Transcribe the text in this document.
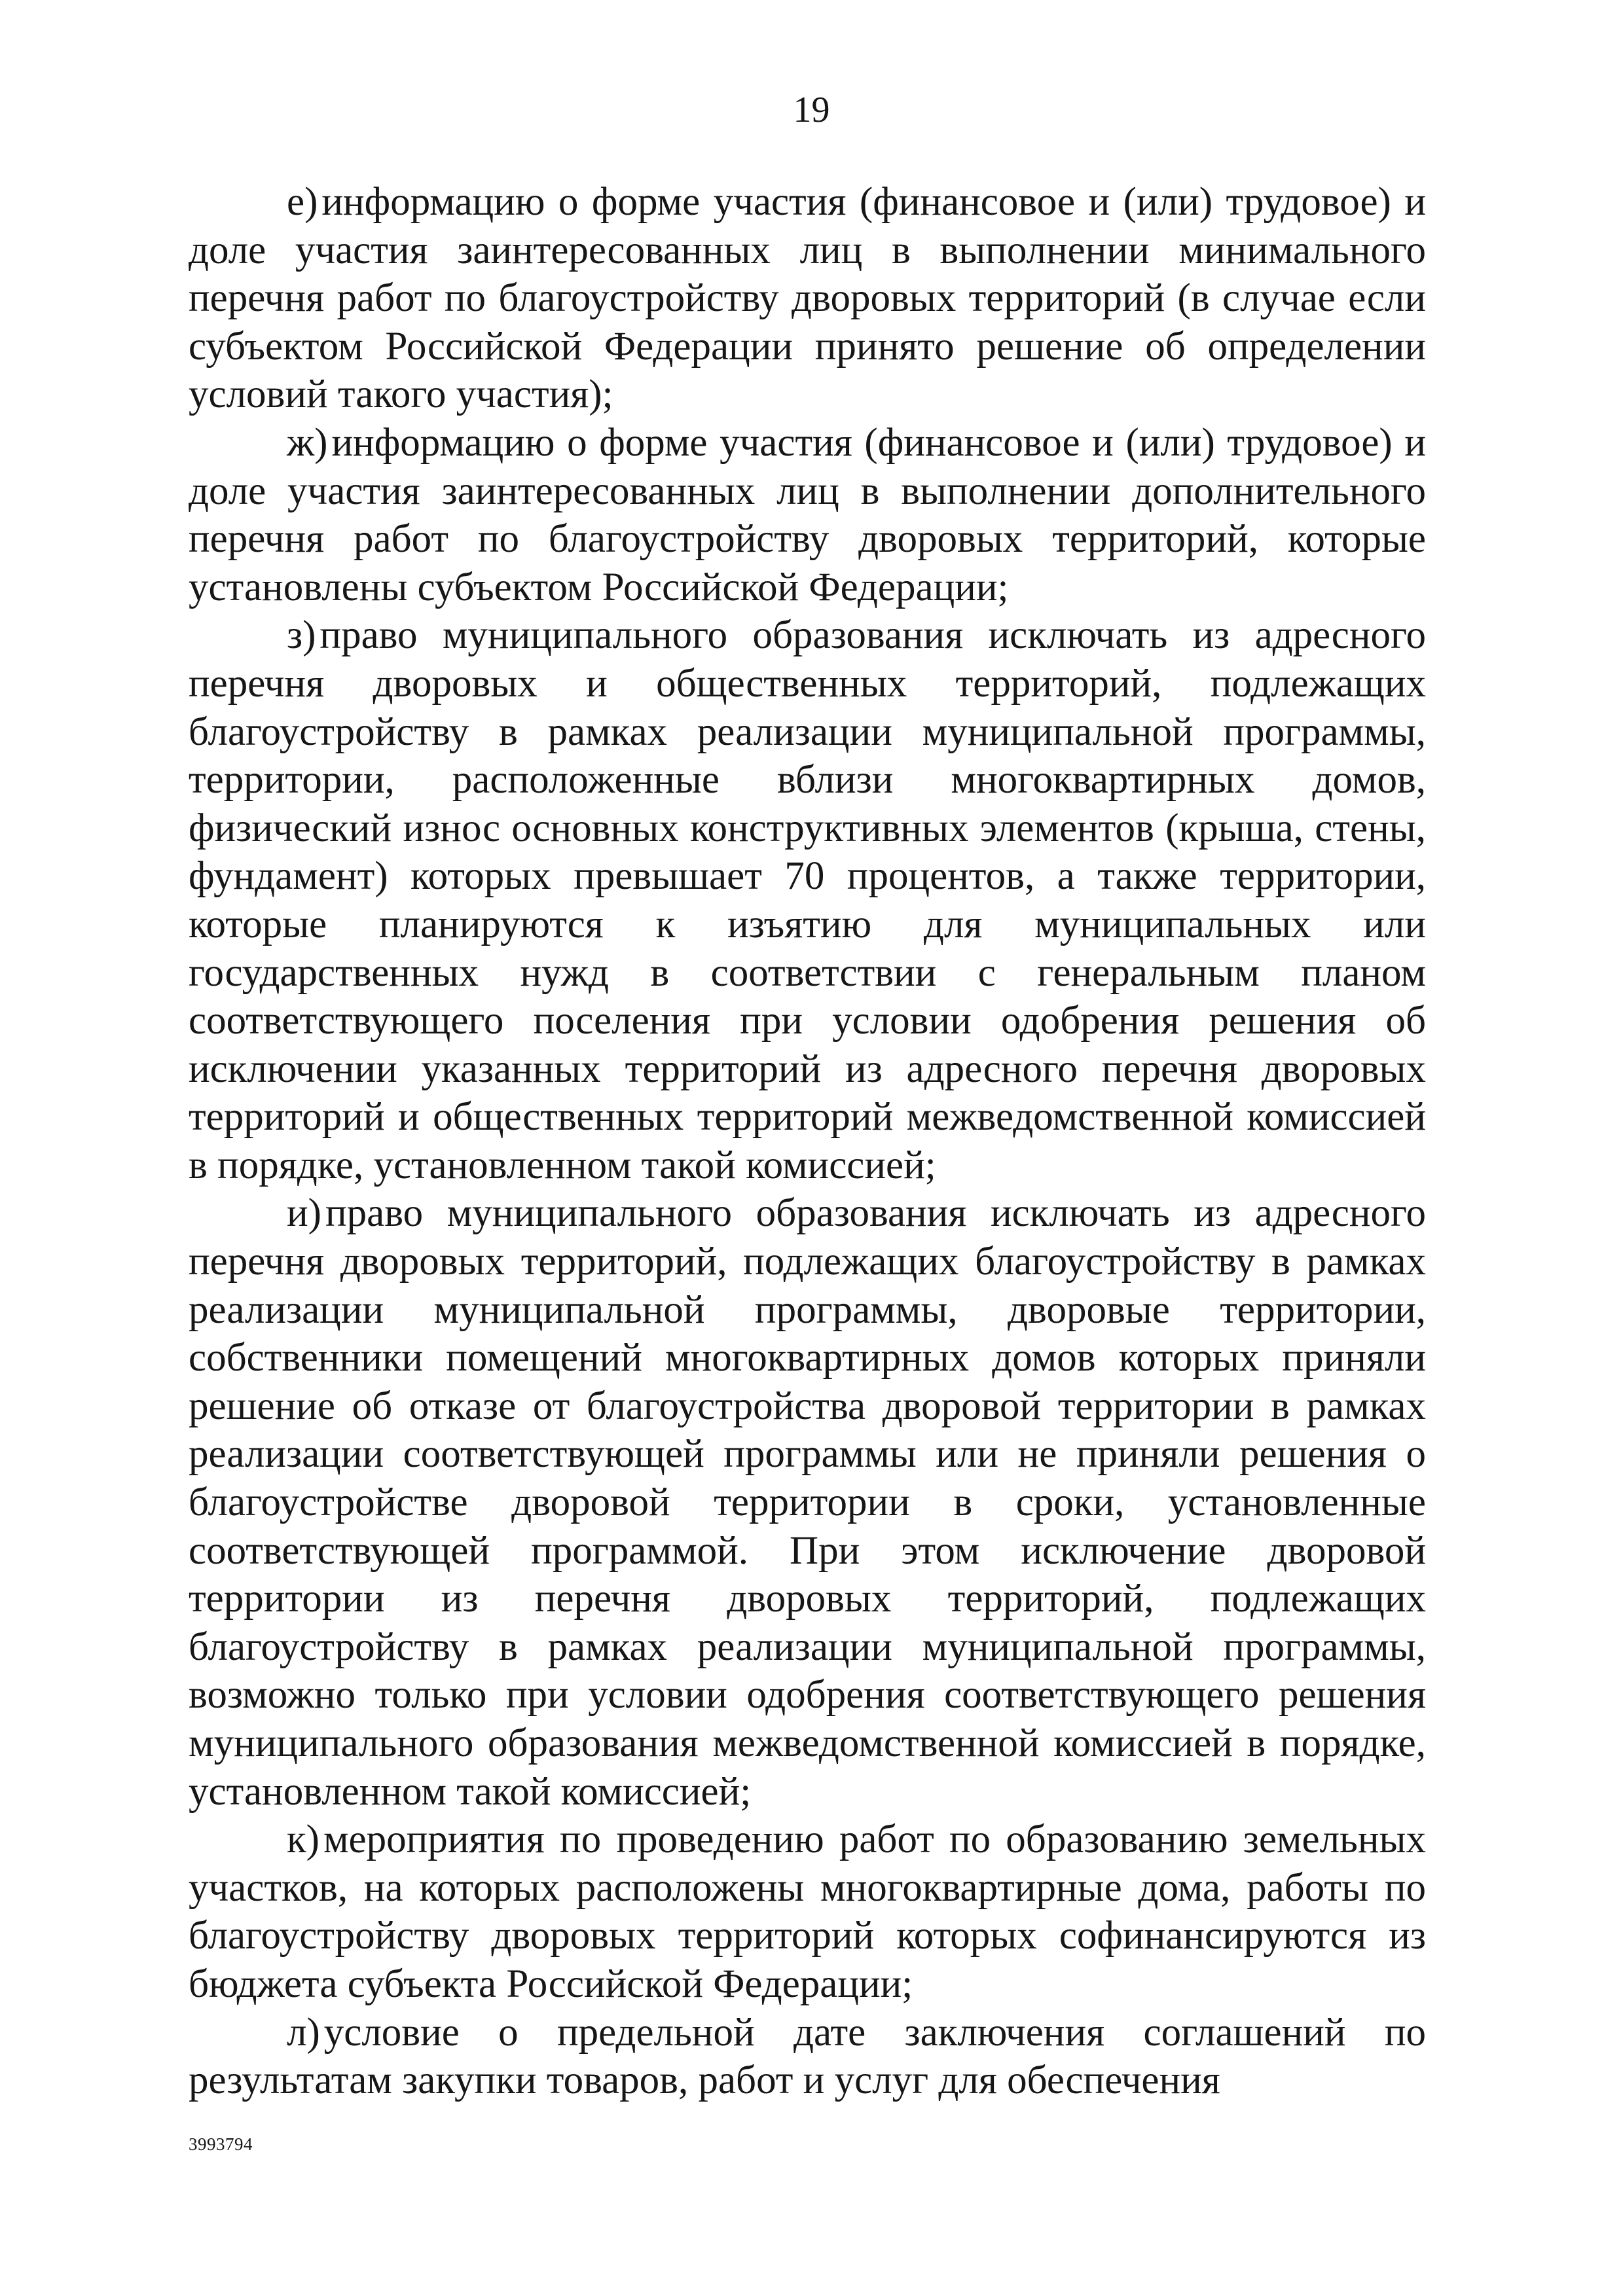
19

е)информацию о форме участия (финансовое и (или) трудовое) и доле участия заинтересованных лиц в выполнении минимального перечня работ по благоустройству дворовых территорий (в случае если субъектом Российской Федерации принято решение об определении условий такого участия);

ж)информацию о форме участия (финансовое и (или) трудовое) и доле участия заинтересованных лиц в выполнении дополнительного перечня работ по благоустройству дворовых территорий, которые установлены субъектом Российской Федерации;

з)право муниципального образования исключать из адресного перечня дворовых и общественных территорий, подлежащих благоустройству в рамках реализации муниципальной программы, территории, расположенные вблизи многоквартирных домов, физический износ основных конструктивных элементов (крыша, стены, фундамент) которых превышает 70 процентов, а также территории, которые планируются к изъятию для муниципальных или государственных нужд в соответствии с генеральным планом соответствующего поселения при условии одобрения решения об исключении указанных территорий из адресного перечня дворовых территорий и общественных территорий межведомственной комиссией в порядке, установленном такой комиссией;

и)право муниципального образования исключать из адресного перечня дворовых территорий, подлежащих благоустройству в рамках реализации муниципальной программы, дворовые территории, собственники помещений многоквартирных домов которых приняли решение об отказе от благоустройства дворовой территории в рамках реализации соответствующей программы или не приняли решения о благоустройстве дворовой территории в сроки, установленные соответствующей программой. При этом исключение дворовой территории из перечня дворовых территорий, подлежащих благоустройству в рамках реализации муниципальной программы, возможно только при условии одобрения соответствующего решения муниципального образования межведомственной комиссией в порядке, установленном такой комиссией;

к)мероприятия по проведению работ по образованию земельных участков, на которых расположены многоквартирные дома, работы по благоустройству дворовых территорий которых софинансируются из бюджета субъекта Российской Федерации;

л)условие о предельной дате заключения соглашений по результатам закупки товаров, работ и услуг для обеспечения

3993794
